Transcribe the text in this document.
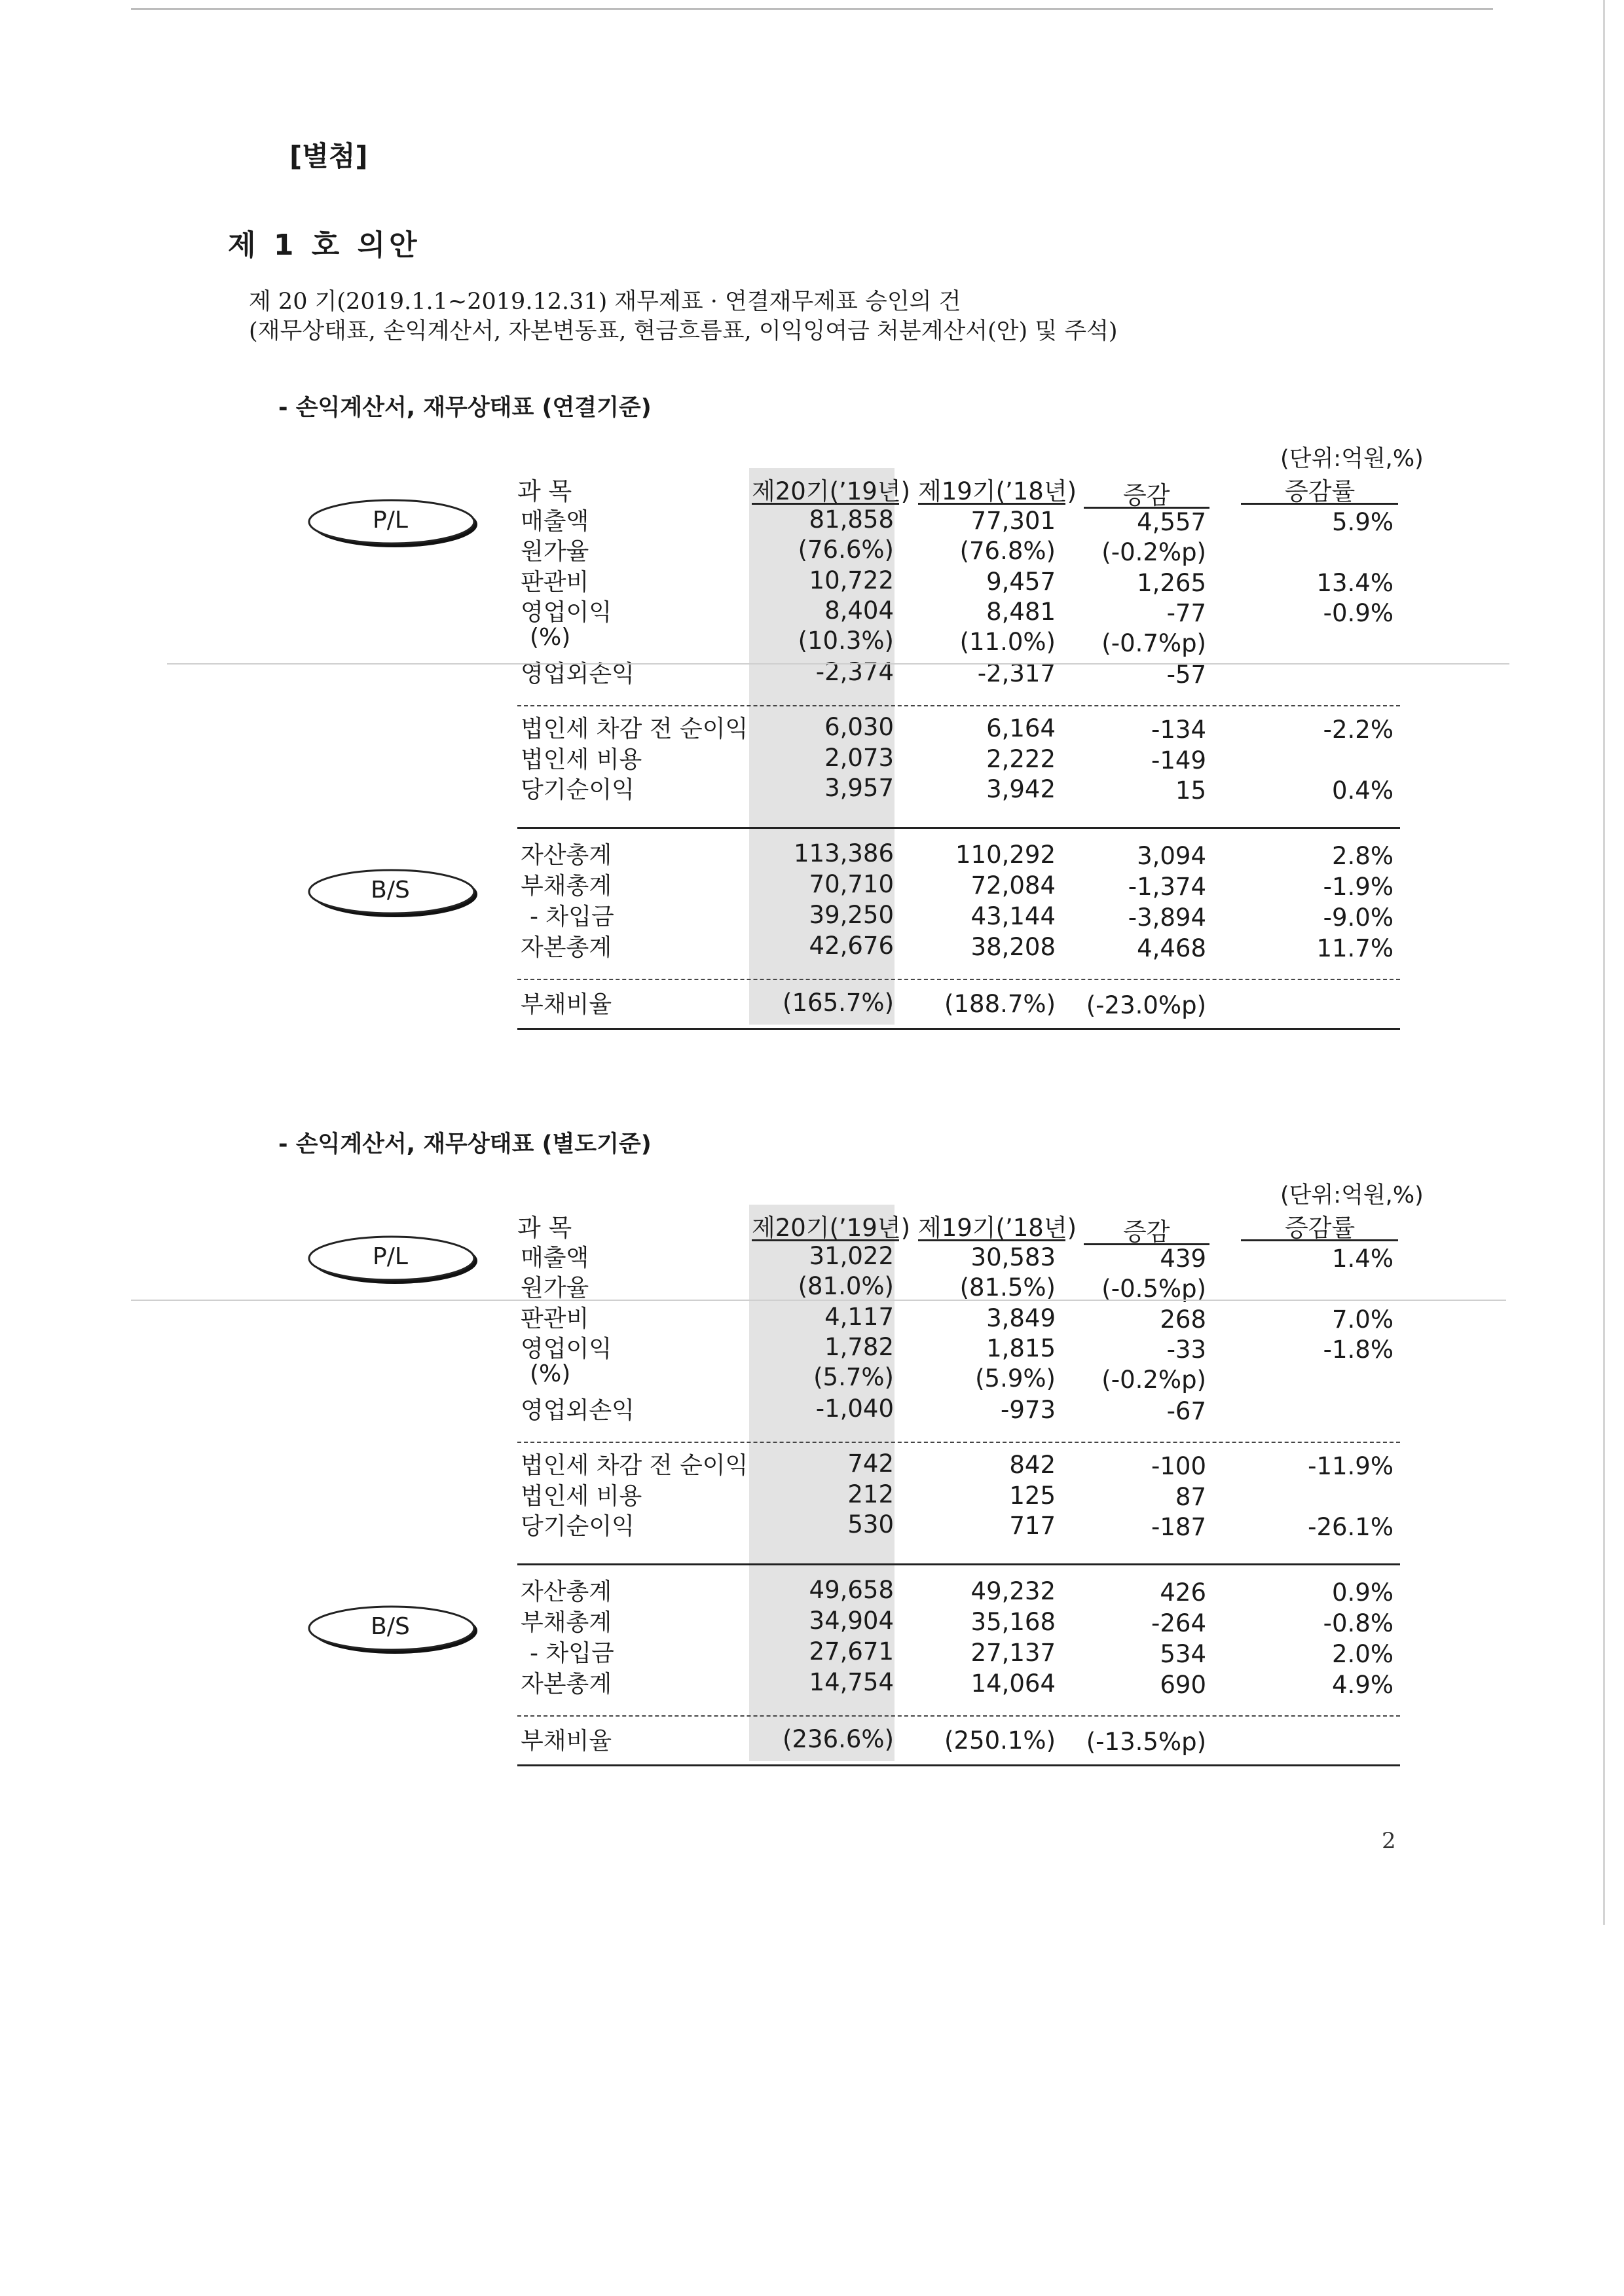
[별첨]
제 1 호 의안
제 20 기(2019.1.1~2019.12.31) 재무제표 · 연결재무제표 승인의 건
(재무상태표, 손익계산서, 자본변동표, 현금흐름표, 이익잉여금 처분계산서(안) 및 주석)
- 손익계산서, 재무상태표 (연결기준)
(단위:억원,%)
과 목	제20기(’19년) 제19기(’18년) 증감	증감률
매출액	81,858	77,301	4,557	5.9%
원가율	(76.6%)	(76.8%)	(-0.2%p)
판관비	10,722	9,457	1,265	13.4%
영업이익	8,404	8,481	-77	-0.9%
(%)	(10.3%)	(11.0%)	(-0.7%p)
영업외손익	-2,374	-2,317	-57
법인세 차감 전 순이익	6,030	6,164	-134	-2.2%
법인세 비용	2,073	2,222	-149
당기순이익	3,957	3,942	15	0.4%
자산총계	113,386	110,292	3,094	2.8%
부채총계	70,710	72,084	-1,374	-1.9%
- 차입금	39,250	43,144	-3,894	-9.0%
자본총계	42,676	38,208	4,468	11.7%
부채비율	(165.7%)	(188.7%)	(-23.0%p)
P/L
B/S
- 손익계산서, 재무상태표 (별도기준)
(단위:억원,%)
과 목	제20기(’19년) 제19기(’18년) 증감	증감률
매출액	31,022	30,583	439	1.4%
원가율	(81.0%)	(81.5%)	(-0.5%p)
판관비	4,117	3,849	268	7.0%
영업이익	1,782	1,815	-33	-1.8%
(%)	(5.7%)	(5.9%)	(-0.2%p)
영업외손익	-1,040	-973	-67
법인세 차감 전 순이익	742	842	-100	-11.9%
법인세 비용	212	125	87
당기순이익	530	717	-187	-26.1%
자산총계	49,658	49,232	426	0.9%
부채총계	34,904	35,168	-264	-0.8%
- 차입금	27,671	27,137	534	2.0%
자본총계	14,754	14,064	690	4.9%
부채비율	(236.6%)	(250.1%)	(-13.5%p)
P/L
B/S
2
